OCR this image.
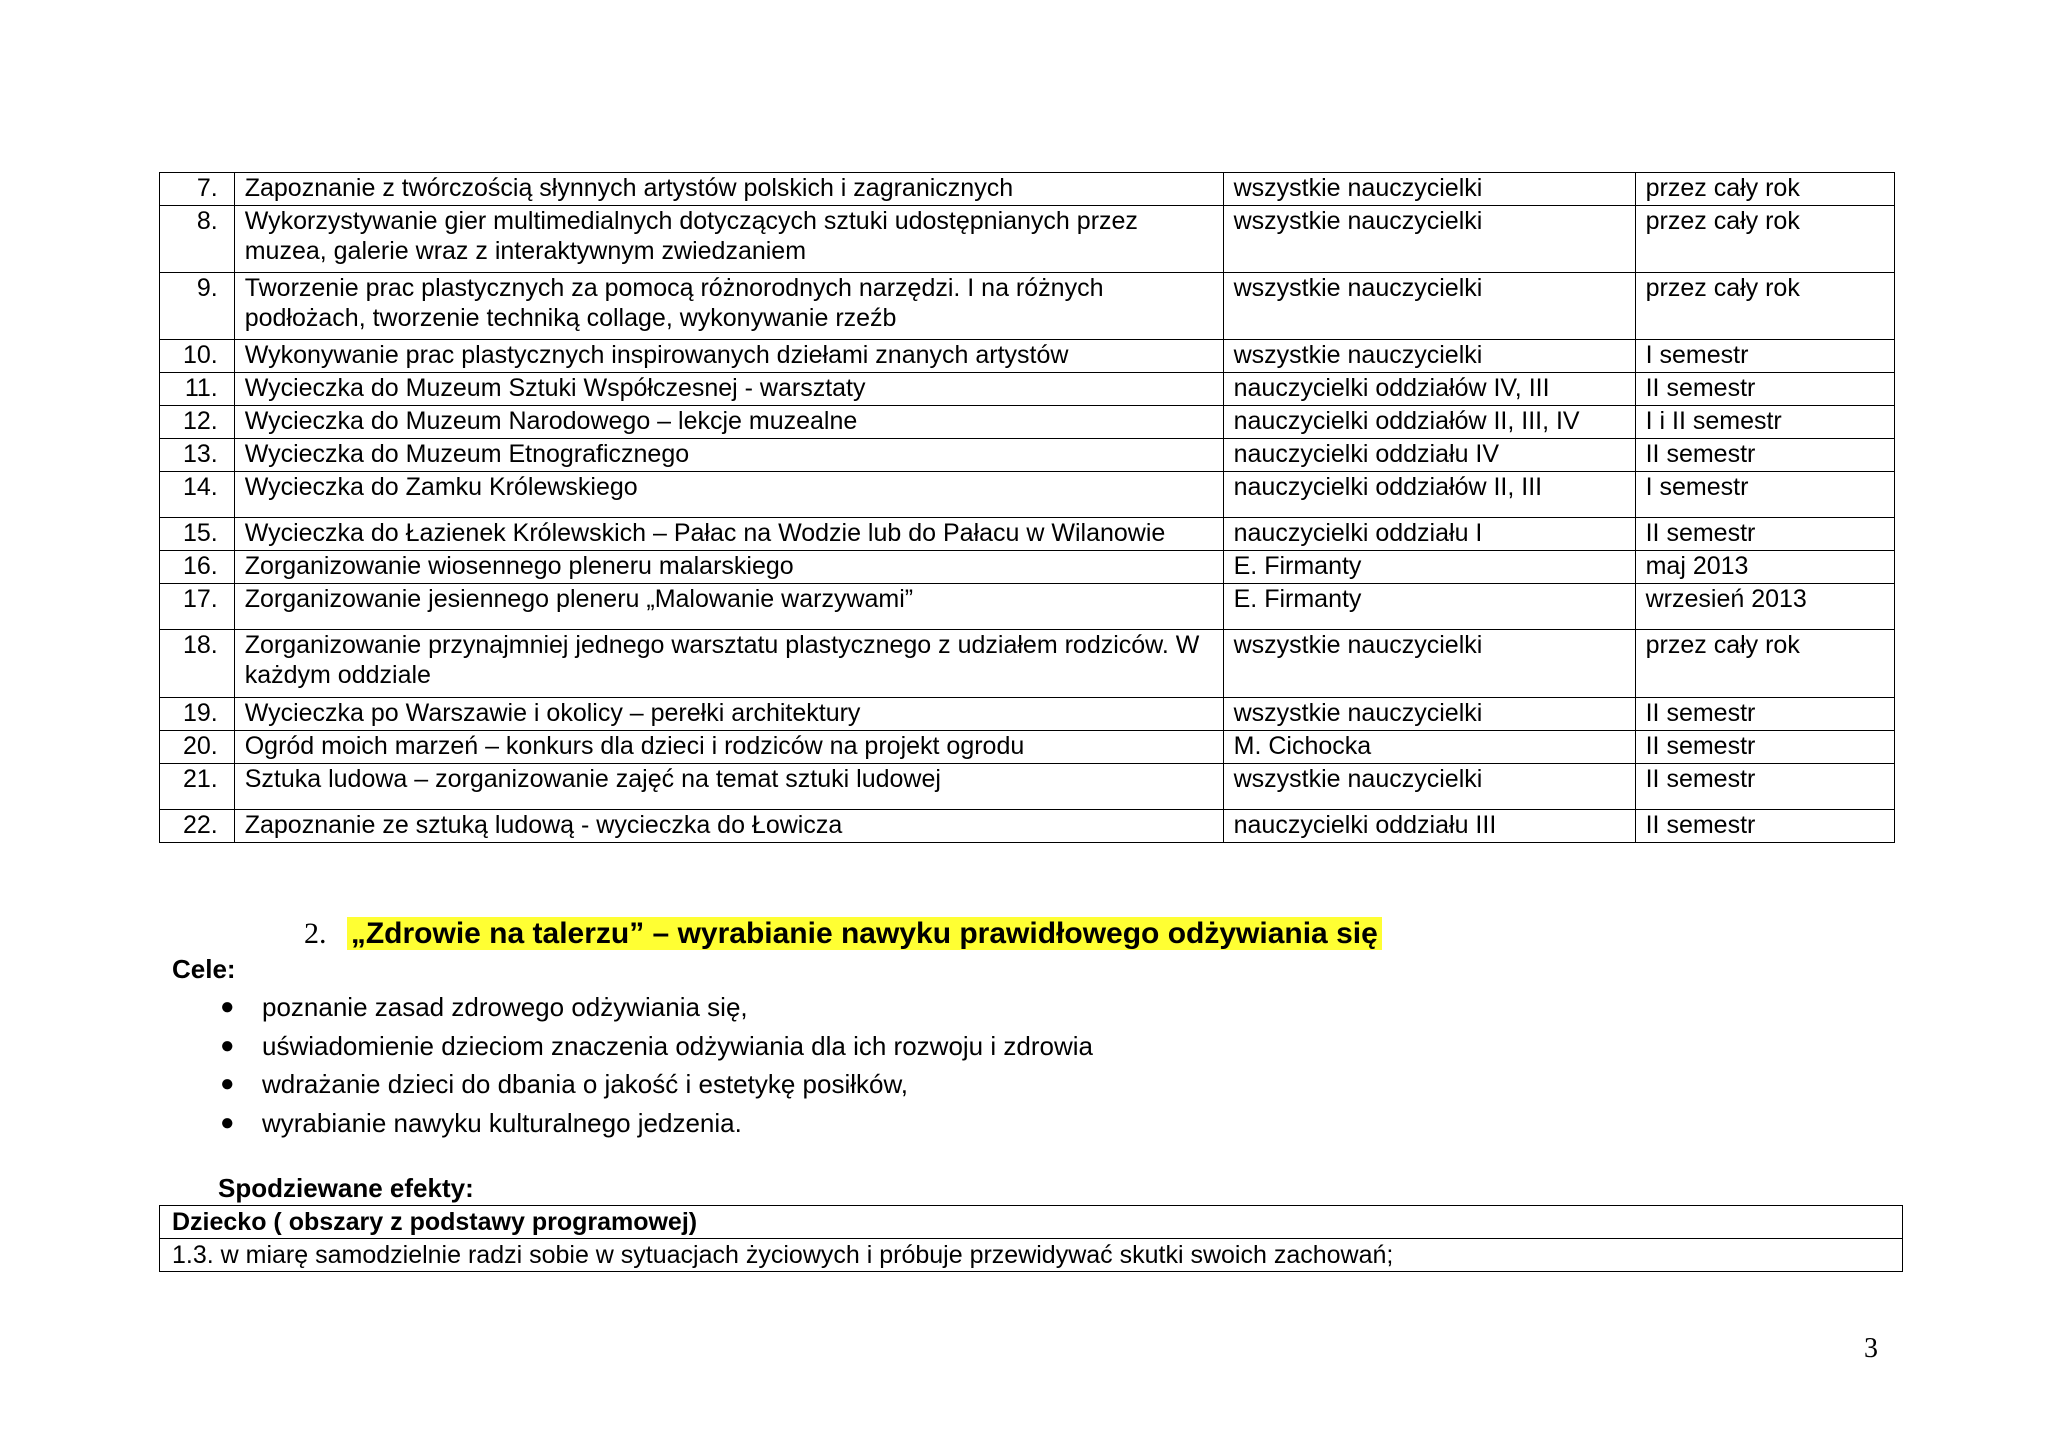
7.	Zapoznanie z twórczością słynnych artystów polskich i zagranicznych	wszystkie nauczycielki	przez cały rok
8.	Wykorzystywanie gier multimedialnych dotyczących sztuki udostępnianych przez muzea, galerie wraz z interaktywnym zwiedzaniem	wszystkie nauczycielki	przez cały rok
9.	Tworzenie prac plastycznych za pomocą różnorodnych narzędzi. I na różnych podłożach, tworzenie techniką collage, wykonywanie rzeźb	wszystkie nauczycielki	przez cały rok
10.	Wykonywanie prac plastycznych inspirowanych dziełami znanych artystów	wszystkie nauczycielki	I semestr
11.	Wycieczka do Muzeum Sztuki Współczesnej - warsztaty	nauczycielki oddziałów IV, III	II semestr
12.	Wycieczka do Muzeum Narodowego – lekcje muzealne	nauczycielki oddziałów II, III, IV	I i II semestr
13.	Wycieczka do Muzeum Etnograficznego	nauczycielki oddziału IV	II semestr
14.	Wycieczka do Zamku Królewskiego	nauczycielki oddziałów II, III	I semestr
15.	Wycieczka do Łazienek Królewskich – Pałac na Wodzie lub do Pałacu w Wilanowie	nauczycielki oddziału I	II semestr
16.	Zorganizowanie wiosennego pleneru malarskiego	E. Firmanty	maj 2013
17.	Zorganizowanie jesiennego pleneru „Malowanie warzywami”	E. Firmanty	wrzesień 2013
18.	Zorganizowanie przynajmniej jednego warsztatu plastycznego z udziałem rodziców. W każdym oddziale	wszystkie nauczycielki	przez cały rok
19.	Wycieczka po Warszawie i okolicy – perełki architektury	wszystkie nauczycielki	II semestr
20.	Ogród moich marzeń – konkurs dla dzieci i rodziców na projekt ogrodu	M. Cichocka	II semestr
21.	Sztuka ludowa – zorganizowanie zajęć na temat sztuki ludowej	wszystkie nauczycielki	II semestr
22.	Zapoznanie ze sztuką ludową - wycieczka do Łowicza	nauczycielki oddziału III	II semestr
2. „Zdrowie na talerzu” – wyrabianie nawyku prawidłowego odżywiania się
Cele:
● poznanie zasad zdrowego odżywiania się,
● uświadomienie dzieciom znaczenia odżywiania dla ich rozwoju i zdrowia
● wdrażanie dzieci do dbania o jakość i estetykę posiłków,
● wyrabianie nawyku kulturalnego jedzenia.
Spodziewane efekty:
Dziecko ( obszary z podstawy programowej)
1.3. w miarę samodzielnie radzi sobie w sytuacjach życiowych i próbuje przewidywać skutki swoich zachowań;
3
